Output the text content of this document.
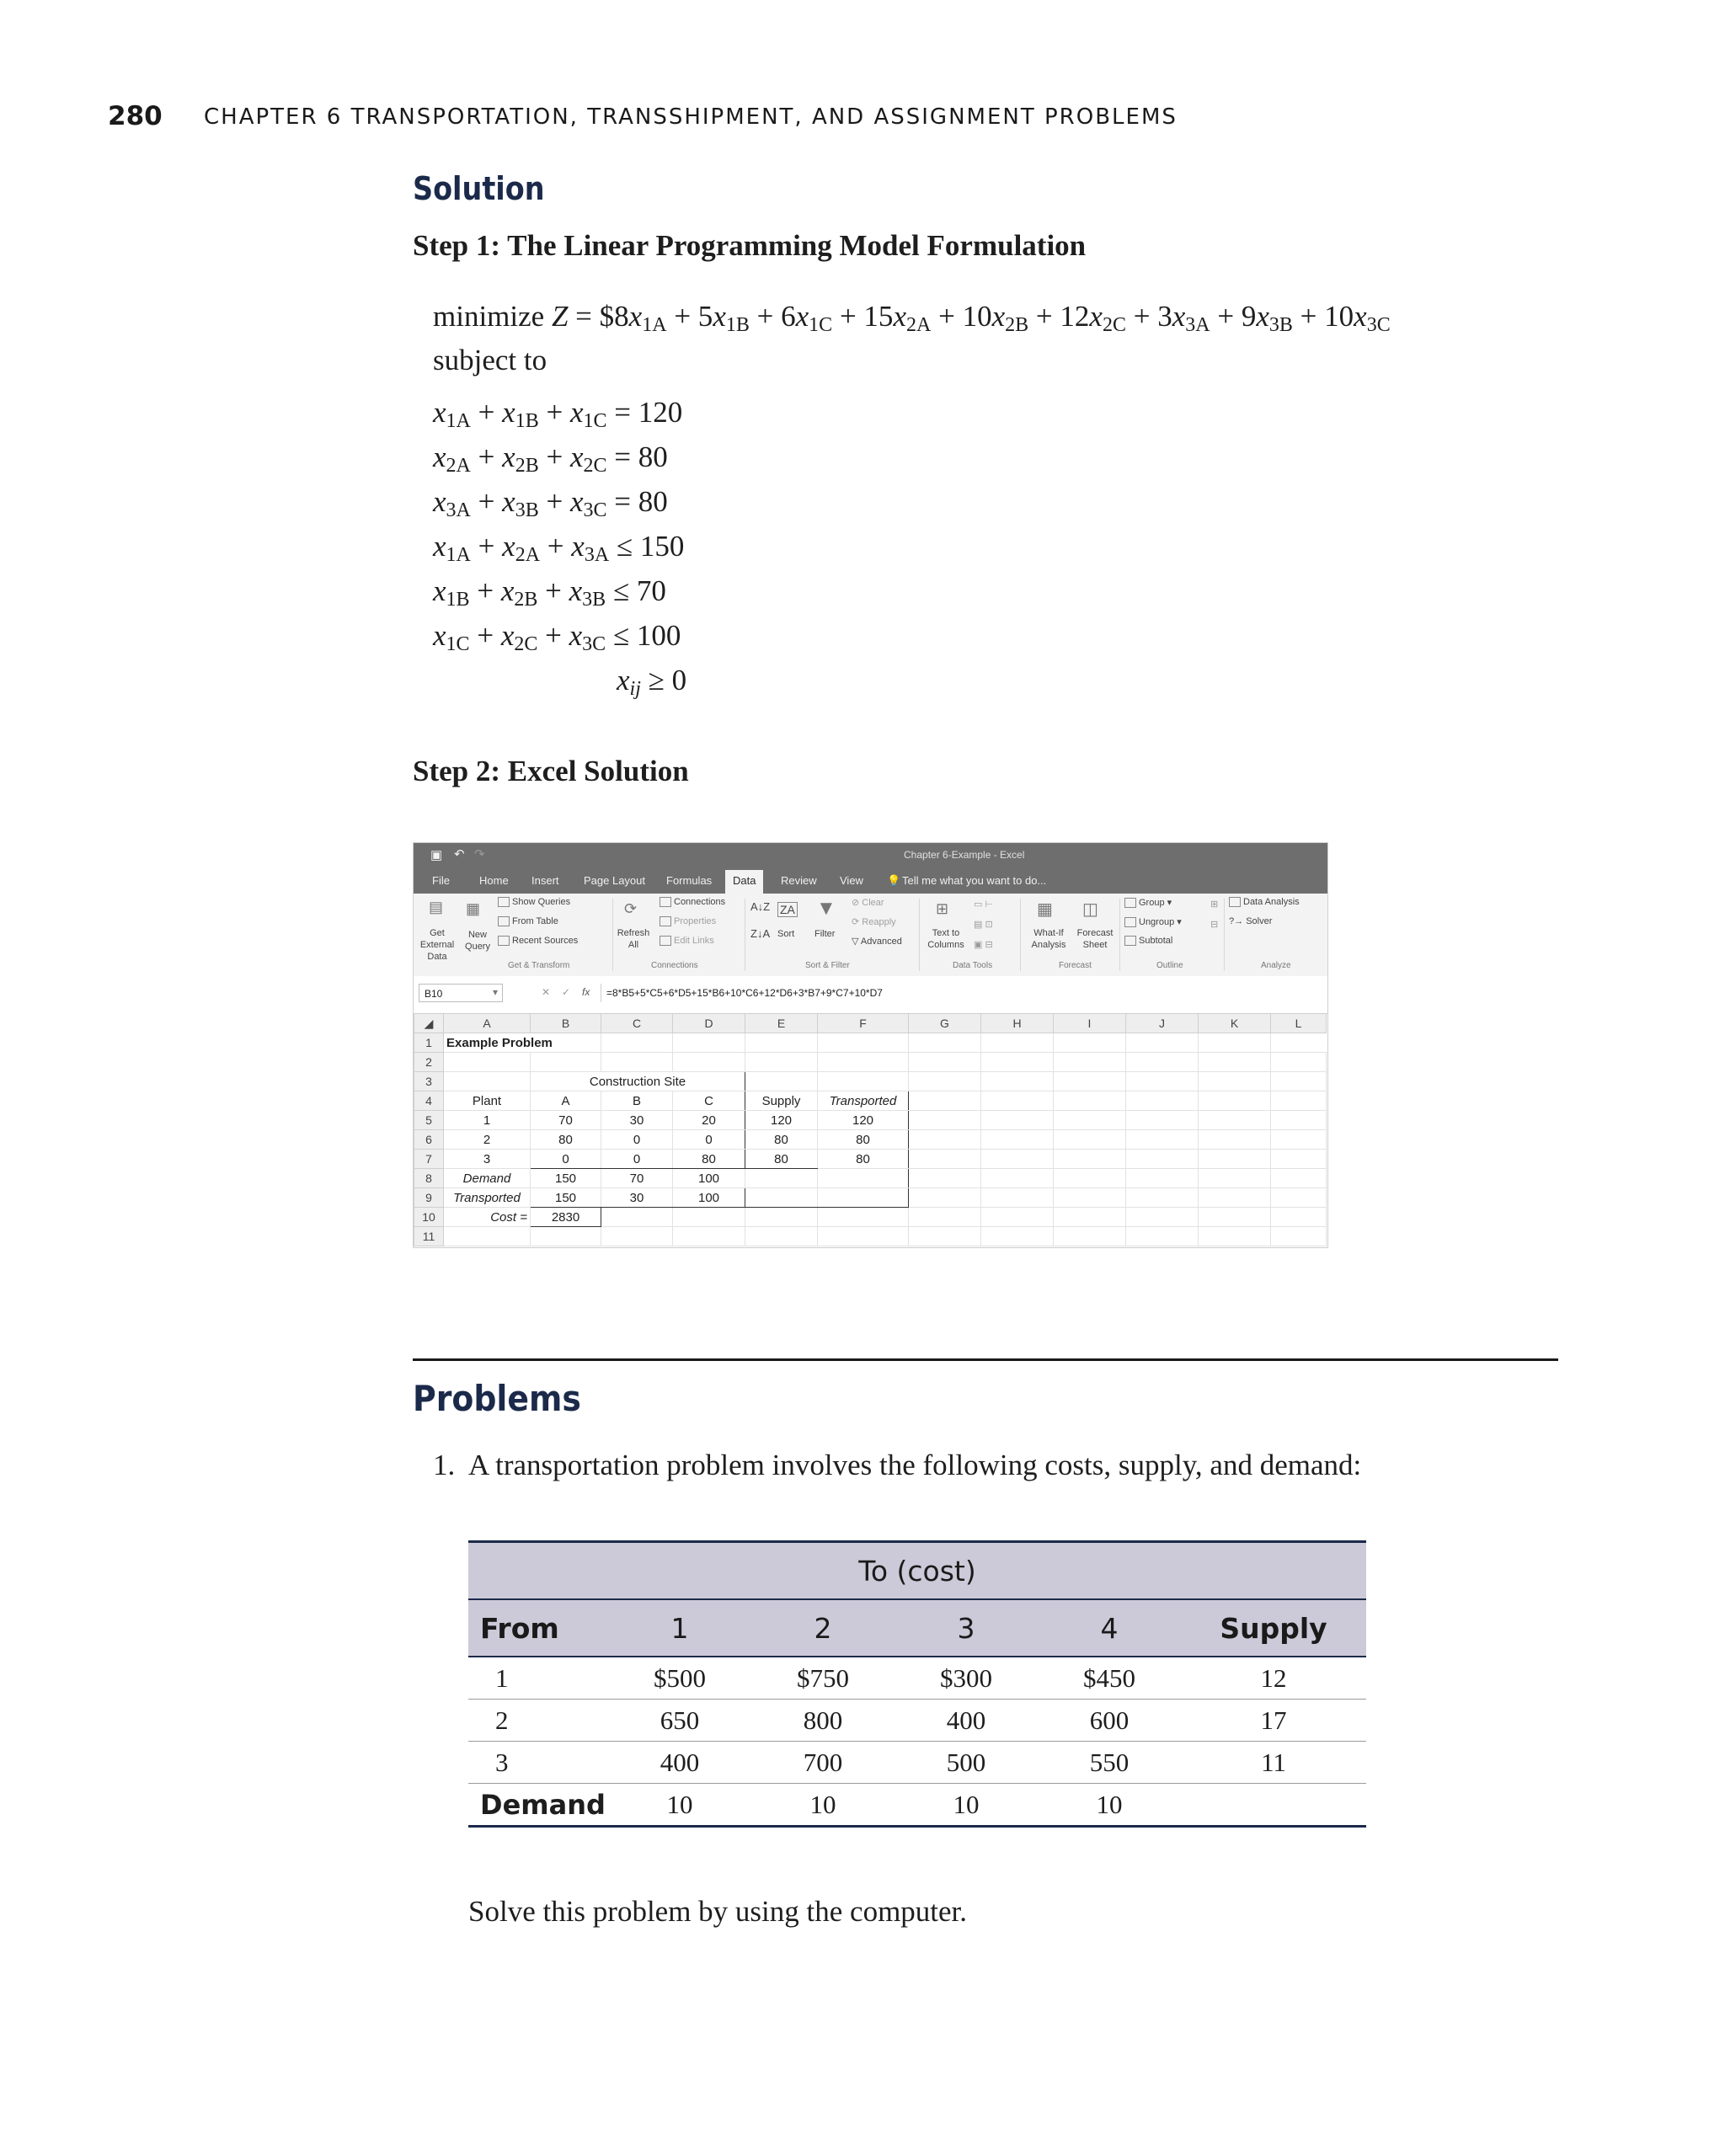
280 CHAPTER 6 TRANSPORTATION, TRANSSHIPMENT, AND ASSIGNMENT PROBLEMS
Solution
Step 1: The Linear Programming Model Formulation
minimize $Z = \$8x_{1A} + 5x_{1B} + 6x_{1C} + 15x_{2A} + 10x_{2B} + 12x_{2C} + 3x_{3A} + 9x_{3B} + 10x_{3C}$
subject to
$x_{1A} + x_{1B} + x_{1C} = 120$
$x_{2A} + x_{2B} + x_{2C} = 80$
$x_{3A} + x_{3B} + x_{3C} = 80$
$x_{1A} + x_{2A} + x_{3A} \le 150$
$x_{1B} + x_{2B} + x_{3B} \le 70$
$x_{1C} + x_{2C} + x_{3C} \le 100$
$x_{ij} \ge 0$
Step 2: Excel Solution
▣ ↶ ↷	Chapter 6-Example - Excel
File	Home Insert Page Layout Formulas	Data	Review View 💡 Tell me what you want to do...
▤
Get External Data
▦
New Query
Show Queries
From Table
Recent Sources
Get & Transform
⟳
Refresh All
Connections
Properties
Edit Links
Connections
A↓Z
Z↓A
ZA
Sort
▼
Filter
⊘ Clear
⟳ Reapply
▽ Advanced
Sort & Filter
⊞
Text to Columns
▭ ⊢
▤ ⊡
▣ ⊟
Data Tools
▦
What-If Analysis
◫
Forecast Sheet
Forecast
Group ▾
Ungroup ▾
Subtotal
⊞
⊟
Outline
Data Analysis
?→ Solver
Analyze
B10	▾	✕ ✓ fx	=8*B5+5*C5+6*D5+15*B6+10*C6+12*D6+3*B7+9*C7+10*D7
◢	A	B	C	D	E	F	G	H	I	J	K	L
1	Example Problem											
2												
3		Construction Site										
4	Plant	A	B	C	Supply	Transported						
5	1	70	30	20	120	120						
6	2	80	0	0	80	80						
7	3	0	0	80	80	80						
8	Demand	150	70	100								
9	Transported	150	30	100								
10	Cost =	2830										
11												
Problems
1. A transportation problem involves the following costs, supply, and demand:
To (cost)					
From	1	2	3	4	Supply
1	$500	$750	$300	$450	12
2	650	800	400	600	17
3	400	700	500	550	11
Demand	10	10	10	10	
Solve this problem by using the computer.
